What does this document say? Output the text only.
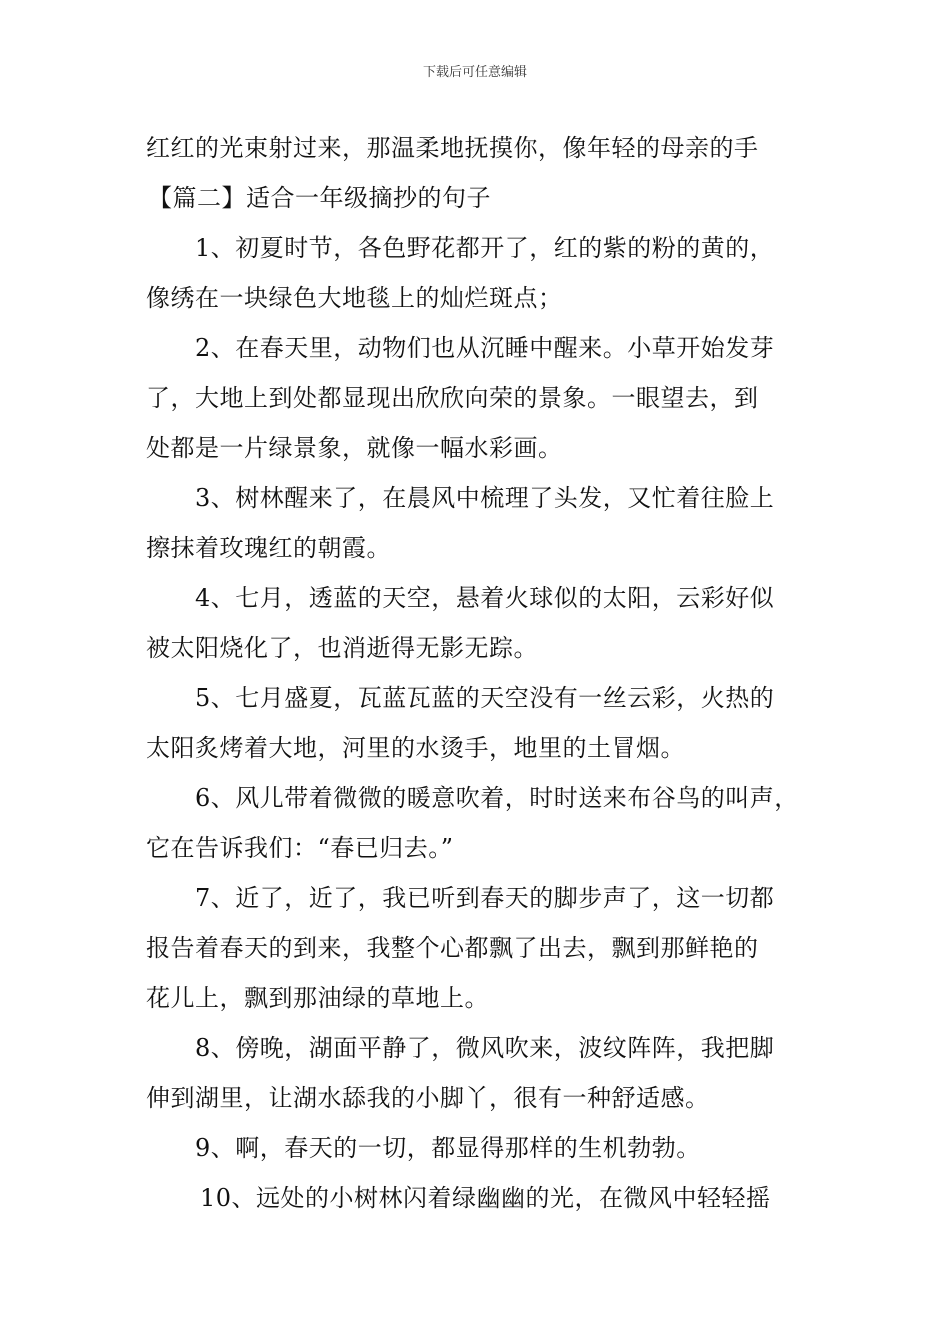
下载后可任意编辑
红红的光束射过来，那温柔地抚摸你，像年轻的母亲的手
【篇二】适合一年级摘抄的句子
1、初夏时节，各色野花都开了，红的紫的粉的黄的，
像绣在一块绿色大地毯上的灿烂斑点；
2、在春天里，动物们也从沉睡中醒来。小草开始发芽
了，大地上到处都显现出欣欣向荣的景象。一眼望去，到
处都是一片绿景象，就像一幅水彩画。
3、树林醒来了，在晨风中梳理了头发，又忙着往脸上
擦抹着玫瑰红的朝霞。
4、七月，透蓝的天空，悬着火球似的太阳，云彩好似
被太阳烧化了，也消逝得无影无踪。
5、七月盛夏，瓦蓝瓦蓝的天空没有一丝云彩，火热的
太阳炙烤着大地，河里的水烫手，地里的土冒烟。
6、风儿带着微微的暖意吹着，时时送来布谷鸟的叫声，
它在告诉我们：“春已归去。”
7、近了，近了，我已听到春天的脚步声了，这一切都
报告着春天的到来，我整个心都飘了出去，飘到那鲜艳的
花儿上，飘到那油绿的草地上。
8、傍晚，湖面平静了，微风吹来，波纹阵阵，我把脚
伸到湖里，让湖水舔我的小脚丫，很有一种舒适感。
9、啊，春天的一切，都显得那样的生机勃勃。
10、远处的小树林闪着绿幽幽的光，在微风中轻轻摇
